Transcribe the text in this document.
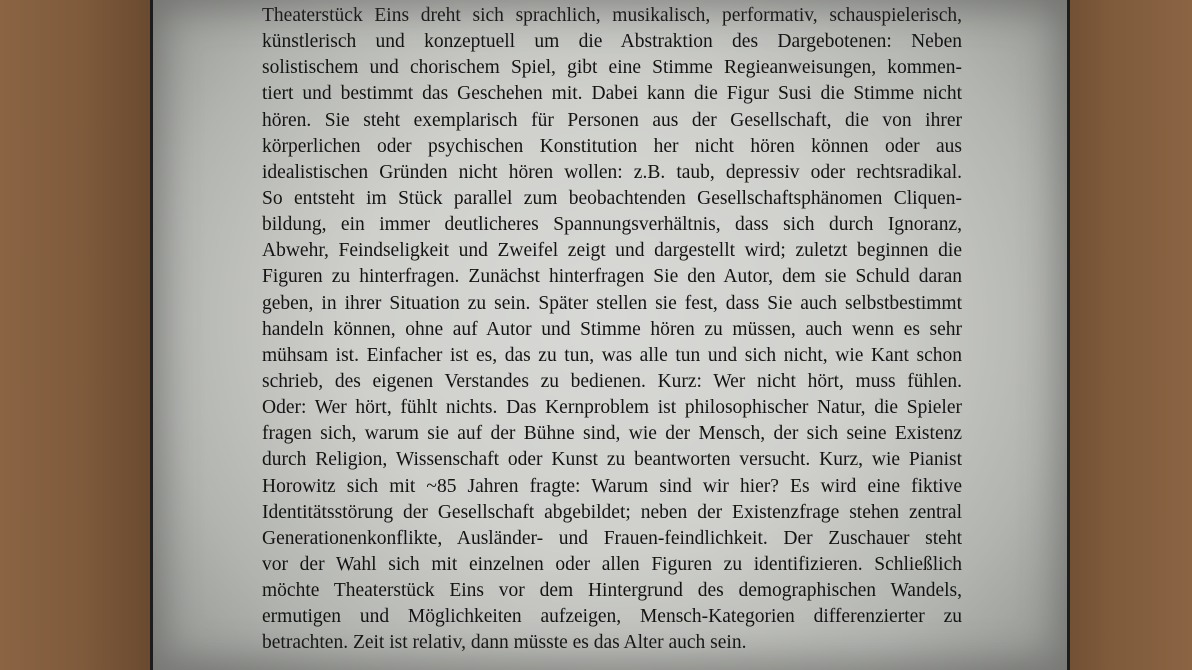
Theaterstück Eins dreht sich sprachlich, musikalisch, performativ, schauspielerisch,
künstlerisch und konzeptuell um die Abstraktion des Dargebotenen: Neben
solistischem und chorischem Spiel, gibt eine Stimme Regieanweisungen, kommen-
tiert und bestimmt das Geschehen mit. Dabei kann die Figur Susi die Stimme nicht
hören. Sie steht exemplarisch für Personen aus der Gesellschaft, die von ihrer
körperlichen oder psychischen Konstitution her nicht hören können oder aus
idealistischen Gründen nicht hören wollen: z.B. taub, depressiv oder rechtsradikal.
So entsteht im Stück parallel zum beobachtenden Gesellschaftsphänomen Cliquen-
bildung, ein immer deutlicheres Spannungsverhältnis, dass sich durch Ignoranz,
Abwehr, Feindseligkeit und Zweifel zeigt und dargestellt wird; zuletzt beginnen die
Figuren zu hinterfragen. Zunächst hinterfragen Sie den Autor, dem sie Schuld daran
geben, in ihrer Situation zu sein. Später stellen sie fest, dass Sie auch selbstbestimmt
handeln können, ohne auf Autor und Stimme hören zu müssen, auch wenn es sehr
mühsam ist. Einfacher ist es, das zu tun, was alle tun und sich nicht, wie Kant schon
schrieb, des eigenen Verstandes zu bedienen. Kurz: Wer nicht hört, muss fühlen.
Oder: Wer hört, fühlt nichts. Das Kernproblem ist philosophischer Natur, die Spieler
fragen sich, warum sie auf der Bühne sind, wie der Mensch, der sich seine Existenz
durch Religion, Wissenschaft oder Kunst zu beantworten versucht. Kurz, wie Pianist
Horowitz sich mit ~85 Jahren fragte: Warum sind wir hier? Es wird eine fiktive
Identitätsstörung der Gesellschaft abgebildet; neben der Existenzfrage stehen zentral
Generationenkonflikte, Ausländer- und Frauen-feindlichkeit. Der Zuschauer steht
vor der Wahl sich mit einzelnen oder allen Figuren zu identifizieren. Schließlich
möchte Theaterstück Eins vor dem Hintergrund des demographischen Wandels,
ermutigen und Möglichkeiten aufzeigen, Mensch-Kategorien differenzierter zu
betrachten. Zeit ist relativ, dann müsste es das Alter auch sein.
